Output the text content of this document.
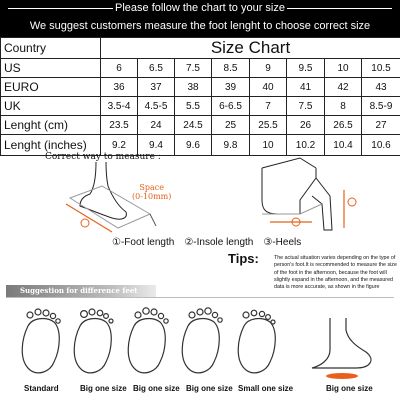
Please follow the chart to your size
We suggest customers measure the foot lenght to choose correct size
Country	Size Chart							
US	6	6.5	7.5	8.5	9	9.5	10	10.5
EURO	36	37	38	39	40	41	42	43
UK	3.5-4	4.5-5	5.5	6-6.5	7	7.5	8	8.5-9
Lenght (cm)	23.5	24	24.5	25	25.5	26	26.5	27
Lenght (inches)	9.2	9.4	9.6	9.8	10	10.2	10.4	10.6
Correct way to measure :
Space
(0-10mm)
①-Foot length ②-Insole length ③-Heels
Tips:	The actual situation varies depending on the type of person's foot.It is recommended to measure the size of the foot in the afternoon, because the foot will slightly expand in the afternoon, and the measured data is more accurate, as shown in the figure
Suggestion for difference feet shapes
Standard	Big one size Big one size Big one size Small one size	Big one size
